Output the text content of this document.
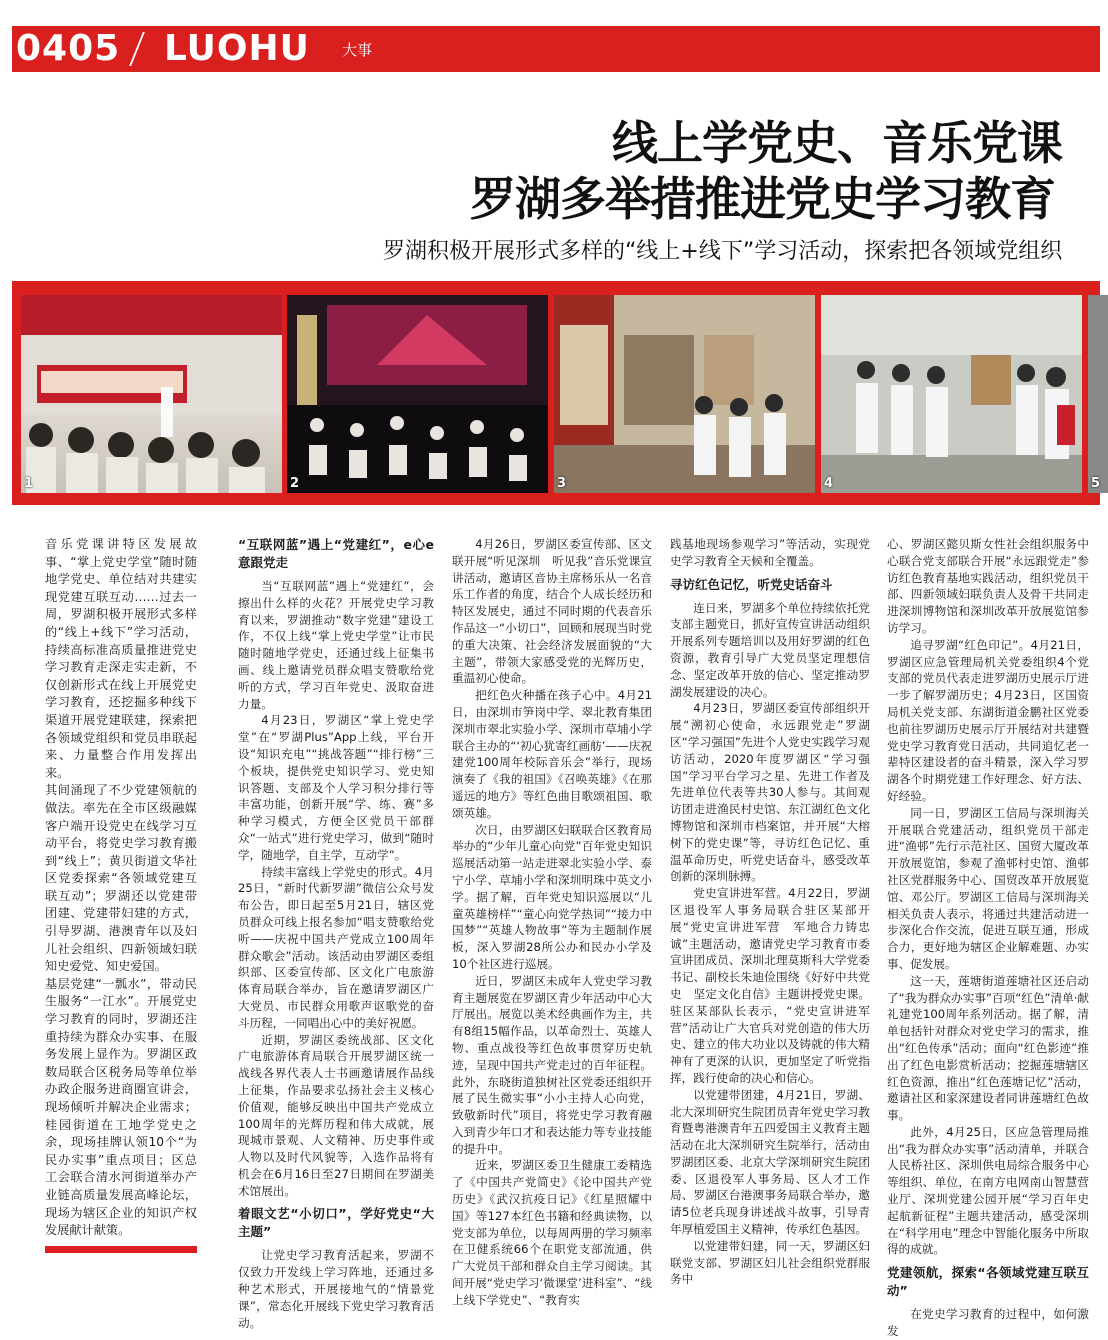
0405 LUOHU 大事
线上学党史、音乐党课
罗湖多举措推进党史学习教育
罗湖积极开展形式多样的“线上+线下”学习活动，探索把各领域党组织
1	2	3	4	5

音乐党课讲特区发展故事、“掌上党史学堂”随时随地学党史、单位结对共建实现党建互联互动……过去一周，罗湖积极开展形式多样的“线上+线下”学习活动，持续高标准高质量推进党史学习教育走深走实走新，不仅创新形式在线上开展党史学习教育，还挖掘多种线下渠道开展党建联建，探索把各领域党组织和党员串联起来、力量整合作用发挥出来。

其间涌现了不少党建领航的做法。率先在全市区级融媒客户端开设党史在线学习互动平台，将党史学习教育搬到“线上”；黄贝街道文华社区党委探索“各领域党建互联互动”；罗湖还以党建带团建、党建带妇建的方式，引导罗湖、港澳青年以及妇儿社会组织、四新领域妇联知史爱党、知史爱国。

基层党建“一瓢水”，带动民生服务“一江水”。开展党史学习教育的同时，罗湖还注重持续为群众办实事、在服务发展上显作为。罗湖区政数局联合区税务局等单位举办政企服务进商圈宣讲会，现场倾听并解决企业需求；桂园街道在工地学党史之余，现场挂牌认领10个“为民办实事”重点项目；区总工会联合清水河街道举办产业链高质量发展高峰论坛，现场为辖区企业的知识产权发展献计献策。

“互联网蓝”遇上“党建红”，e心e意跟党走

当“互联网蓝”遇上“党建红”，会擦出什么样的火花？开展党史学习教育以来，罗湖推动“数字党建”建设工作，不仅上线“掌上党史学堂”让市民随时随地学党史，还通过线上征集书画、线上邀请党员群众唱支赞歌给党听的方式，学习百年党史、汲取奋进力量。

4月23日，罗湖区“掌上党史学堂”在“罗湖Plus”App上线，平台开设“知识充电”“挑战答题”“排行榜”三个板块，提供党史知识学习、党史知识答题、支部及个人学习积分排行等丰富功能，创新开展“学、练、赛”多种学习模式，方便全区党员干部群众“一站式”进行党史学习，做到“随时学，随地学，自主学，互动学”。

持续丰富线上学党史的形式。4月25日，“新时代新罗湖”微信公众号发布公告，即日起至5月21日，辖区党员群众可线上报名参加“唱支赞歌给党听——庆祝中国共产党成立100周年群众歌会”活动。该活动由罗湖区委组织部、区委宣传部、区文化广电旅游体育局联合举办，旨在邀请罗湖区广大党员、市民群众用歌声讴歌党的奋斗历程，一同唱出心中的美好祝愿。

近期，罗湖区委统战部、区文化广电旅游体育局联合开展罗湖区统一战线各界代表人士书画邀请展作品线上征集，作品要求弘扬社会主义核心价值观，能够反映出中国共产党成立100周年的光辉历程和伟大成就，展现城市景观、人文精神、历史事件或人物以及时代风貌等，入选作品将有机会在6月16日至27日期间在罗湖美术馆展出。

着眼文艺“小切口”，学好党史“大主题”

让党史学习教育活起来，罗湖不仅致力开发线上学习阵地，还通过多种艺术形式，开展接地气的“情景党课”，常态化开展线下党史学习教育活动。

4月26日，罗湖区委宣传部、区文联开展“听见深圳　听见我”音乐党课宣讲活动，邀请区音协主席杨乐从一名音乐工作者的角度，结合个人成长经历和特区发展史，通过不同时期的代表音乐作品这一“小切口”，回顾和展现当时党的重大决策、社会经济发展面貌的“大主题”，带领大家感受党的光辉历史，重温初心使命。

把红色火种播在孩子心中。4月21日，由深圳市笋岗中学、翠北教育集团深圳市翠北实验小学、深圳市草埔小学联合主办的“‘初心犹寄红画舫’——庆祝建党100周年校际音乐会”举行，现场演奏了《我的祖国》《召唤英雄》《在那遥远的地方》等红色曲目歌颂祖国、歌颂英雄。

次日，由罗湖区妇联联合区教育局举办的“少年儿童心向党”百年党史知识巡展活动第一站走进翠北实验小学、泰宁小学、草埔小学和深圳明珠中英文小学。据了解，百年党史知识巡展以“儿童英雄榜样”“童心向党学热词”“接力中国梦”“英雄人物故事”等为主题制作展板，深入罗湖28所公办和民办小学及10个社区进行巡展。

近日，罗湖区未成年人党史学习教育主题展览在罗湖区青少年活动中心大厅展出。展览以美术经典画作为主，共有8组15幅作品，以革命烈士、英雄人物、重点战役等红色故事贯穿历史轨迹，呈现中国共产党走过的百年征程。此外，东晓街道独树社区党委还组织开展了民生微实事“小小主持人心向党，致敬新时代”项目，将党史学习教育融入到青少年口才和表达能力等专业技能的提升中。

近来，罗湖区委卫生健康工委精选了《中国共产党简史》《论中国共产党历史》《武汉抗疫日记》《红星照耀中国》等127本红色书籍和经典读物，以党支部为单位，以每周两册的学习频率在卫健系统66个在职党支部流通，供广大党员干部和群众自主学习阅读。其间开展“党史学习‘微课堂’进科室”、“线上线下学党史”、“教育实

践基地现场参观学习”等活动，实现党史学习教育全天候和全覆盖。

寻访红色记忆，听党史话奋斗

连日来，罗湖多个单位持续依托党支部主题党日，抓好宣传宣讲活动组织开展系列专题培训以及用好罗湖的红色资源，教育引导广大党员坚定理想信念、坚定改革开放的信心、坚定推动罗湖发展建设的决心。

4月23日，罗湖区委宣传部组织开展“溯初心使命，永远跟党走”罗湖区“学习强国”先进个人党史实践学习观访活动，2020年度罗湖区“学习强国”学习平台学习之星、先进工作者及先进单位代表等共30人参与。其间观访团走进渔民村史馆、东江湖红色文化博物馆和深圳市档案馆，并开展“大榕树下的党史课”等，寻访红色记忆、重温革命历史，听党史话奋斗，感受改革创新的深圳脉搏。

党史宣讲进军营。4月22日，罗湖区退役军人事务局联合驻区某部开展“党史宣讲进军营　军地合力铸忠诚”主题活动，邀请党史学习教育市委宣讲团成员、深圳北理莫斯科大学党委书记、副校长朱迪俭围绕《好好中共党史　坚定文化自信》主题讲授党史课。驻区某部队长表示，“党史宣讲进军营”活动让广大官兵对党创造的伟大历史、建立的伟大功业以及铸就的伟大精神有了更深的认识，更加坚定了听党指挥，践行使命的决心和信心。

以党建带团建，4月21日，罗湖、北大深圳研究生院团员青年党史学习教育暨粤港澳青年五四爱国主义教育主题活动在北大深圳研究生院举行，活动由罗湖团区委、北京大学深圳研究生院团委、区退役军人事务局、区人才工作局、罗湖区台港澳事务局联合举办，邀请5位老兵现身讲述战斗故事，引导青年厚植爱国主义精神，传承红色基因。

以党建带妇建，同一天，罗湖区妇联党支部、罗湖区妇儿社会组织党群服务中

心、罗湖区懿贝斯女性社会组织服务中心联合党支部联合开展“永远跟党走”参访红色教育基地实践活动，组织党员干部、四新领域妇联负责人及骨干共同走进深圳博物馆和深圳改革开放展览馆参访学习。

追寻罗湖“红色印记”。4月21日，罗湖区应急管理局机关党委组织4个党支部的党员代表走进罗湖历史展示厅进一步了解罗湖历史；4月23日，区国资局机关党支部、东湖街道金鹏社区党委也前往罗湖历史展示厅开展结对共建暨党史学习教育党日活动，共同追忆老一辈特区建设者的奋斗精景，深入学习罗湖各个时期党建工作好理念、好方法、好经验。

同一日，罗湖区工信局与深圳海关开展联合党建活动，组织党员干部走进“渔邨”先行示范社区、国贸大厦改革开放展览馆，参观了渔邨村史馆、渔邨社区党群服务中心、国贸改革开放展览馆、邓公厅。罗湖区工信局与深圳海关相关负责人表示，将通过共建活动进一步深化合作交流，促进互联互通，形成合力，更好地为辖区企业解难题、办实事、促发展。

这一天，莲塘街道莲塘社区还启动了“我为群众办实事”百项“红色”清单·献礼建党100周年系列活动。据了解，清单包括针对群众对党史学习的需求，推出“红色传承”活动；面向“红色影迹”推出了红色电影赏析活动；挖掘莲塘辖区红色资源，推出“红色莲塘记忆”活动，邀请社区和家深建设者同讲莲塘红色故事。

此外，4月25日，区应急管理局推出“我为群众办实事”活动清单，并联合人民桥社区、深圳供电局综合服务中心等组织、单位，在南方电网南山智慧营业厅、深圳党建公园开展“学习百年史　起航新征程”主题共建活动，感受深圳在“科学用电”理念中智能化服务中所取得的成就。

党建领航，探索“各领域党建互联互动”

在党史学习教育的过程中，如何激发
